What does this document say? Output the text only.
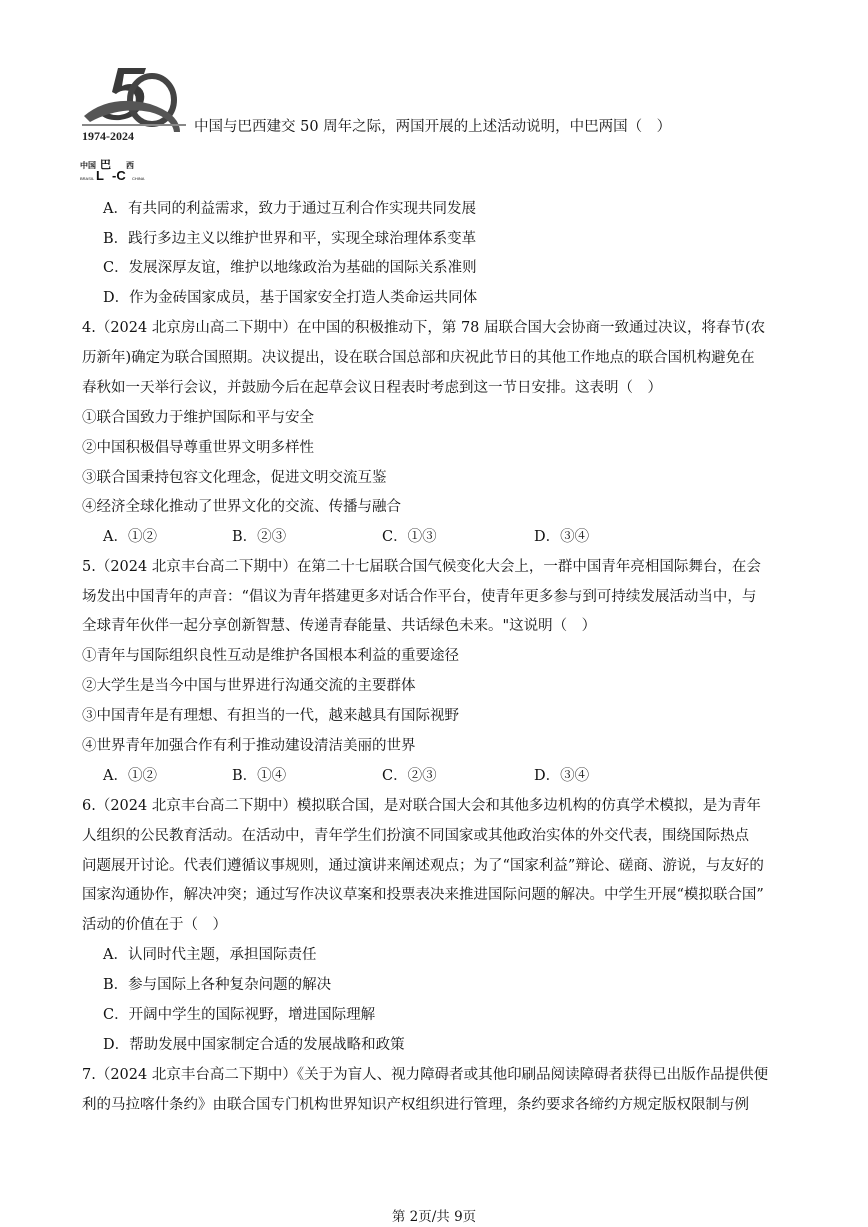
1974-2024
中国 巴 西
BRASIL L -C CHINA
中国与巴西建交 50 周年之际，两国开展的上述活动说明，中巴两国（　）
A．有共同的利益需求，致力于通过互利合作实现共同发展
B．践行多边主义以维护世界和平，实现全球治理体系变革
C．发展深厚友谊，维护以地缘政治为基础的国际关系准则
D．作为金砖国家成员，基于国家安全打造人类命运共同体
4.（2024 北京房山高二下期中）在中国的积极推动下，第 78 届联合国大会协商一致通过决议，将春节(农
历新年)确定为联合国照期。决议提出，设在联合国总部和庆祝此节日的其他工作地点的联合国机构避免在
春秋如一天举行会议，并鼓励今后在起草会议日程表时考虑到这一节日安排。这表明（　）
①联合国致力于维护国际和平与安全
②中国积极倡导尊重世界文明多样性
③联合国秉持包容文化理念，促进文明交流互鉴
④经济全球化推动了世界文化的交流、传播与融合
A．①②	B．②③	C．①③	D．③④
5.（2024 北京丰台高二下期中）在第二十七届联合国气候变化大会上，一群中国青年亮相国际舞台，在会
场发出中国青年的声音：“倡议为青年搭建更多对话合作平台，使青年更多参与到可持续发展活动当中，与
全球青年伙伴一起分享创新智慧、传递青春能量、共话绿色未来。"这说明（　）
①青年与国际组织良性互动是维护各国根本利益的重要途径
②大学生是当今中国与世界进行沟通交流的主要群体
③中国青年是有理想、有担当的一代，越来越具有国际视野
④世界青年加强合作有利于推动建设清洁美丽的世界
A．①②	B．①④	C．②③	D．③④
6.（2024 北京丰台高二下期中）模拟联合国，是对联合国大会和其他多边机构的仿真学术模拟，是为青年
人组织的公民教育活动。在活动中，青年学生们扮演不同国家或其他政治实体的外交代表，围绕国际热点
问题展开讨论。代表们遵循议事规则，通过演讲来阐述观点；为了“国家利益”辩论、磋商、游说，与友好的
国家沟通协作，解决冲突；通过写作决议草案和投票表决来推进国际问题的解决。中学生开展“模拟联合国”
活动的价值在于（　）
A．认同时代主题，承担国际责任
B．参与国际上各种复杂问题的解决
C．开阔中学生的国际视野，增进国际理解
D．帮助发展中国家制定合适的发展战略和政策
7.（2024 北京丰台高二下期中）《关于为盲人、视力障碍者或其他印刷品阅读障碍者获得已出版作品提供便
利的马拉喀什条约》由联合国专门机构世界知识产权组织进行管理，条约要求各缔约方规定版权限制与例
第 2页/共 9页
